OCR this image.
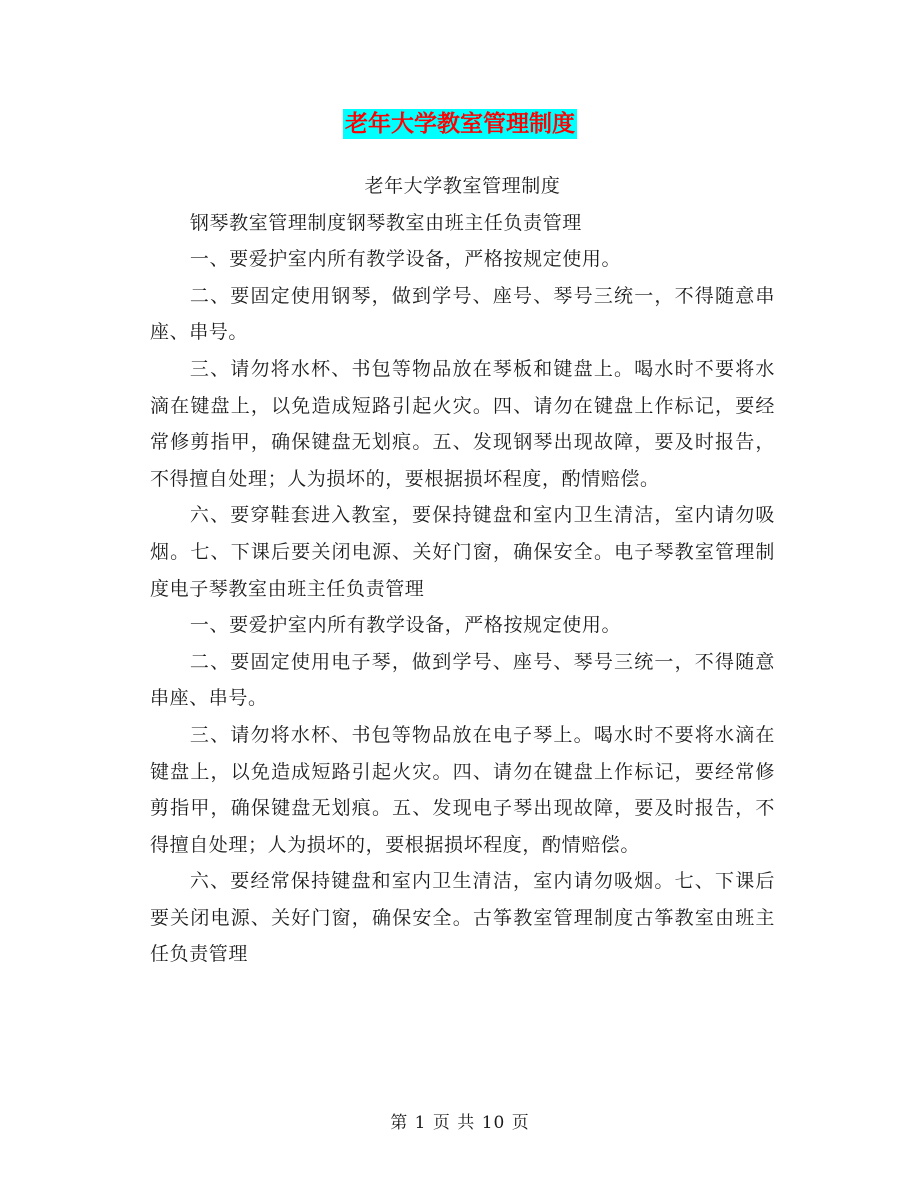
老年大学教室管理制度

老年大学教室管理制度

钢琴教室管理制度钢琴教室由班主任负责管理

一、要爱护室内所有教学设备，严格按规定使用。

二、要固定使用钢琴，做到学号、座号、琴号三统一，不得随意串座、串号。

三、请勿将水杯、书包等物品放在琴板和键盘上。喝水时不要将水滴在键盘上，以免造成短路引起火灾。四、请勿在键盘上作标记，要经常修剪指甲，确保键盘无划痕。五、发现钢琴出现故障，要及时报告，不得擅自处理；人为损坏的，要根据损坏程度，酌情赔偿。

六、要穿鞋套进入教室，要保持键盘和室内卫生清洁，室内请勿吸烟。七、下课后要关闭电源、关好门窗，确保安全。电子琴教室管理制度电子琴教室由班主任负责管理

一、要爱护室内所有教学设备，严格按规定使用。

二、要固定使用电子琴，做到学号、座号、琴号三统一，不得随意串座、串号。

三、请勿将水杯、书包等物品放在电子琴上。喝水时不要将水滴在键盘上，以免造成短路引起火灾。四、请勿在键盘上作标记，要经常修剪指甲，确保键盘无划痕。五、发现电子琴出现故障，要及时报告，不得擅自处理；人为损坏的，要根据损坏程度，酌情赔偿。

六、要经常保持键盘和室内卫生清洁，室内请勿吸烟。七、下课后要关闭电源、关好门窗，确保安全。古筝教室管理制度古筝教室由班主任负责管理

第 1 页 共 10 页
